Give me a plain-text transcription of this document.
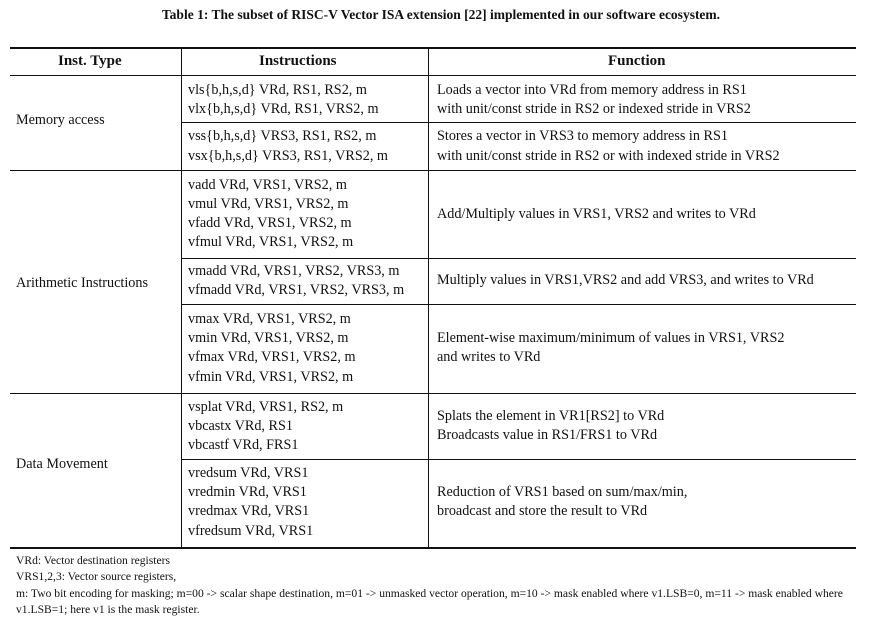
Table 1: The subset of RISC-V Vector ISA extension [22] implemented in our software ecosystem.
Inst. Type	Instructions	Function
Memory access
Arithmetic Instructions
Data Movement
vls{b,h,s,d} VRd, RS1, RS2, m
vlx{b,h,s,d} VRd, RS1, VRS2, m
Loads a vector into VRd from memory address in RS1
with unit/const stride in RS2 or indexed stride in VRS2
vss{b,h,s,d} VRS3, RS1, RS2, m
vsx{b,h,s,d} VRS3, RS1, VRS2, m
Stores a vector in VRS3 to memory address in RS1
with unit/const stride in RS2 or with indexed stride in VRS2
vadd VRd, VRS1, VRS2, m
vmul VRd, VRS1, VRS2, m
vfadd VRd, VRS1, VRS2, m
vfmul VRd, VRS1, VRS2, m
Add/Multiply values in VRS1, VRS2 and writes to VRd
vmadd VRd, VRS1, VRS2, VRS3, m
vfmadd VRd, VRS1, VRS2, VRS3, m
Multiply values in VRS1,VRS2 and add VRS3, and writes to VRd
vmax VRd, VRS1, VRS2, m
vmin VRd, VRS1, VRS2, m
vfmax VRd, VRS1, VRS2, m
vfmin VRd, VRS1, VRS2, m
Element-wise maximum/minimum of values in VRS1, VRS2
and writes to VRd
vsplat VRd, VRS1, RS2, m
vbcastx VRd, RS1
vbcastf VRd, FRS1
Splats the element in VR1[RS2] to VRd
Broadcasts value in RS1/FRS1 to VRd
vredsum VRd, VRS1
vredmin VRd, VRS1
vredmax VRd, VRS1
vfredsum VRd, VRS1
Reduction of VRS1 based on sum/max/min,
broadcast and store the result to VRd
VRd: Vector destination registers
VRS1,2,3: Vector source registers,
m: Two bit encoding for masking; m=00 -> scalar shape destination, m=01 -> unmasked vector operation, m=10 -> mask enabled where v1.LSB=0, m=11 -> mask enabled where v1.LSB=1; here v1 is the mask register.
